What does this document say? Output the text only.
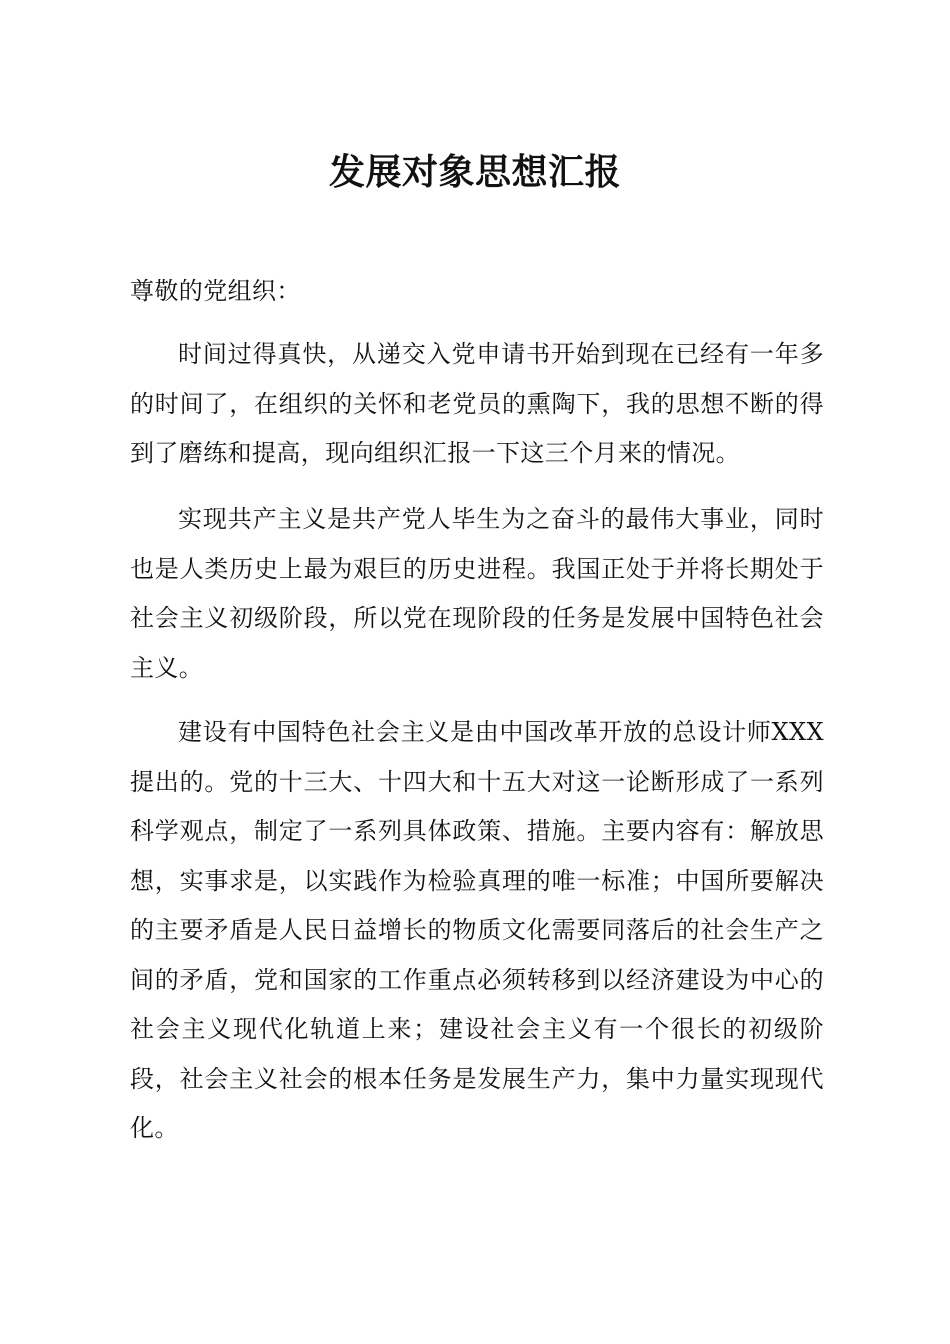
发展对象思想汇报

尊敬的党组织：

时间过得真快，从递交入党申请书开始到现在已经有一年多的时间了，在组织的关怀和老党员的熏陶下，我的思想不断的得到了磨练和提高，现向组织汇报一下这三个月来的情况。

实现共产主义是共产党人毕生为之奋斗的最伟大事业，同时也是人类历史上最为艰巨的历史进程。我国正处于并将长期处于社会主义初级阶段，所以党在现阶段的任务是发展中国特色社会主义。

建设有中国特色社会主义是由中国改革开放的总设计师XXX提出的。党的十三大、十四大和十五大对这一论断形成了一系列科学观点，制定了一系列具体政策、措施。主要内容有：解放思想，实事求是，以实践作为检验真理的唯一标准；中国所要解决的主要矛盾是人民日益增长的物质文化需要同落后的社会生产之间的矛盾，党和国家的工作重点必须转移到以经济建设为中心的社会主义现代化轨道上来；建设社会主义有一个很长的初级阶段，社会主义社会的根本任务是发展生产力，集中力量实现现代化。
